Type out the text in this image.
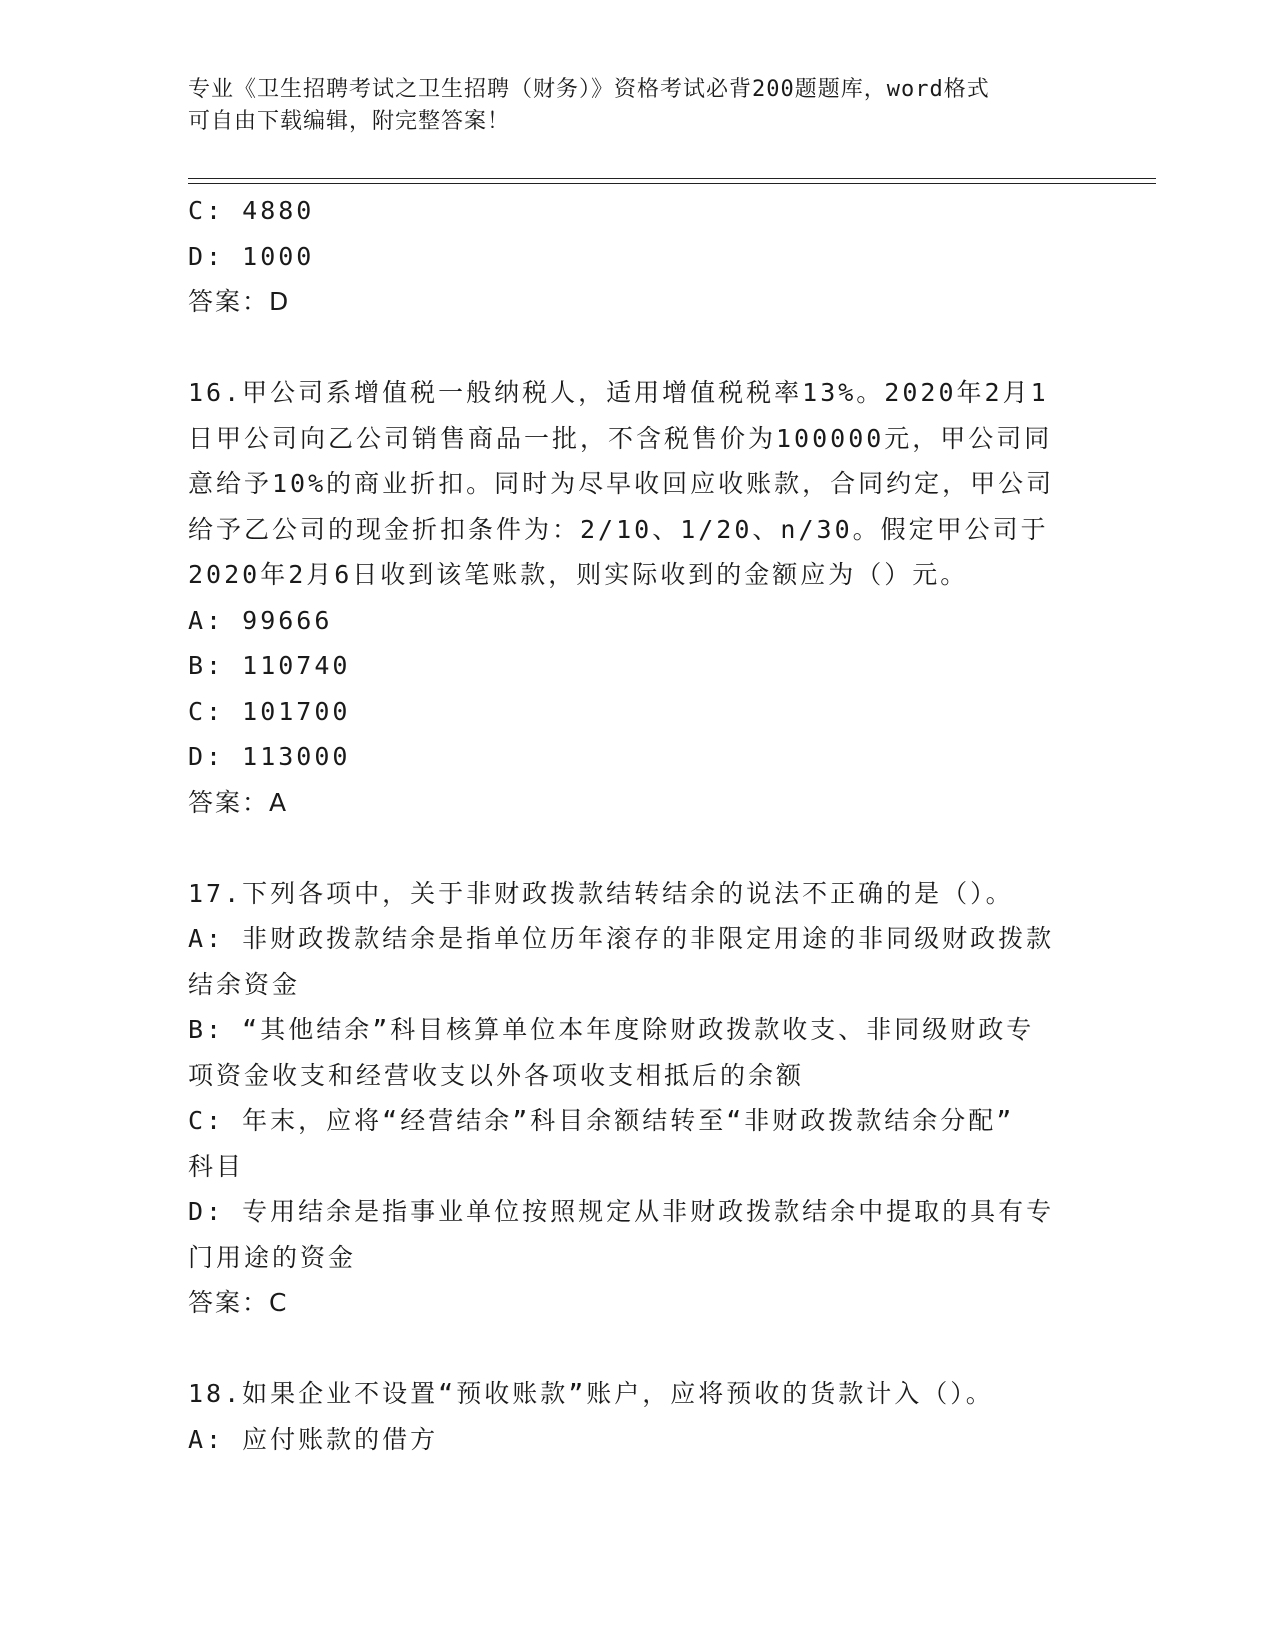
专业《卫生招聘考试之卫生招聘（财务）》资格考试必背200题题库，word格式
可自由下载编辑，附完整答案！
C: 4880
D: 1000
答案：D
16.甲公司系增值税一般纳税人，适用增值税税率13%。2020年2月1
日甲公司向乙公司销售商品一批，不含税售价为100000元，甲公司同
意给予10%的商业折扣。同时为尽早收回应收账款，合同约定，甲公司
给予乙公司的现金折扣条件为：2/10、1/20、n/30。假定甲公司于
2020年2月6日收到该笔账款，则实际收到的金额应为（）元。
A: 99666
B: 110740
C: 101700
D: 113000
答案：A
17.下列各项中，关于非财政拨款结转结余的说法不正确的是（）。
A: 非财政拨款结余是指单位历年滚存的非限定用途的非同级财政拨款
结余资金
B: “其他结余”科目核算单位本年度除财政拨款收支、非同级财政专
项资金收支和经营收支以外各项收支相抵后的余额
C: 年末，应将“经营结余”科目余额结转至“非财政拨款结余分配”
科目
D: 专用结余是指事业单位按照规定从非财政拨款结余中提取的具有专
门用途的资金
答案：C
18.如果企业不设置“预收账款”账户，应将预收的货款计入（）。
A: 应付账款的借方
